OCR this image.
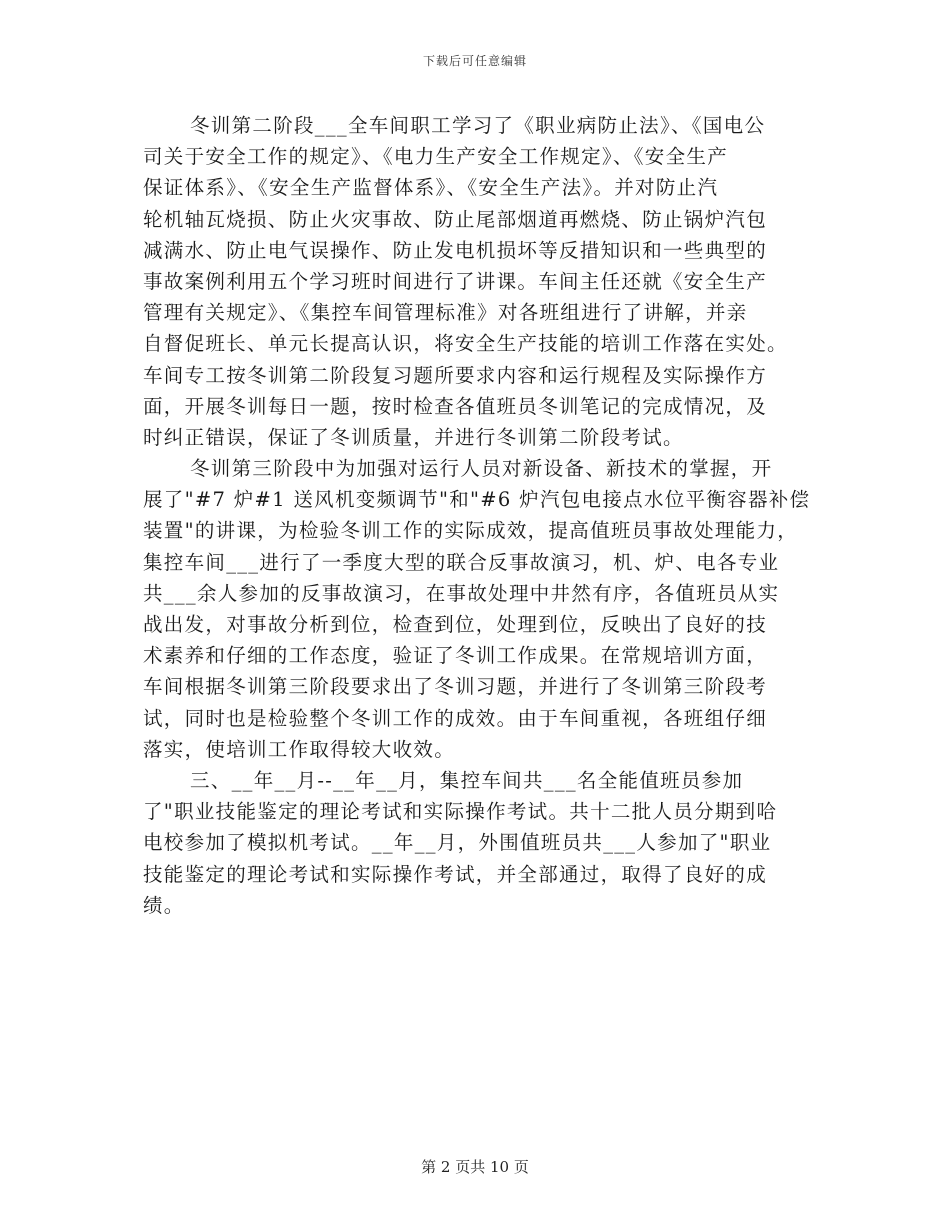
下载后可任意编辑
冬训第二阶段___全车间职工学习了《职业病防止法》、《国电公
司关于安全工作的规定》、《电力生产安全工作规定》、《安全生产
保证体系》、《安全生产监督体系》、《安全生产法》。并对防止汽
轮机轴瓦烧损、防止火灾事故、防止尾部烟道再燃烧、防止锅炉汽包
减满水、防止电气误操作、防止发电机损坏等反措知识和一些典型的
事故案例利用五个学习班时间进行了讲课。车间主任还就《安全生产
管理有关规定》、《集控车间管理标准》对各班组进行了讲解，并亲
自督促班长、单元长提高认识，将安全生产技能的培训工作落在实处。
车间专工按冬训第二阶段复习题所要求内容和运行规程及实际操作方
面，开展冬训每日一题，按时检查各值班员冬训笔记的完成情况，及
时纠正错误，保证了冬训质量，并进行冬训第二阶段考试。
冬训第三阶段中为加强对运行人员对新设备、新技术的掌握，开
展了"#7 炉#1 送风机变频调节"和"#6 炉汽包电接点水位平衡容器补偿
装置"的讲课，为检验冬训工作的实际成效，提高值班员事故处理能力，
集控车间___进行了一季度大型的联合反事故演习，机、炉、电各专业
共___余人参加的反事故演习，在事故处理中井然有序，各值班员从实
战出发，对事故分析到位，检查到位，处理到位，反映出了良好的技
术素养和仔细的工作态度，验证了冬训工作成果。在常规培训方面，
车间根据冬训第三阶段要求出了冬训习题，并进行了冬训第三阶段考
试，同时也是检验整个冬训工作的成效。由于车间重视，各班组仔细
落实，使培训工作取得较大收效。
三、__年__月--__年__月，集控车间共___名全能值班员参加
了"职业技能鉴定的理论考试和实际操作考试。共十二批人员分期到哈
电校参加了模拟机考试。__年__月，外围值班员共___人参加了"职业
技能鉴定的理论考试和实际操作考试，并全部通过，取得了良好的成
绩。
第 2 页共 10 页
